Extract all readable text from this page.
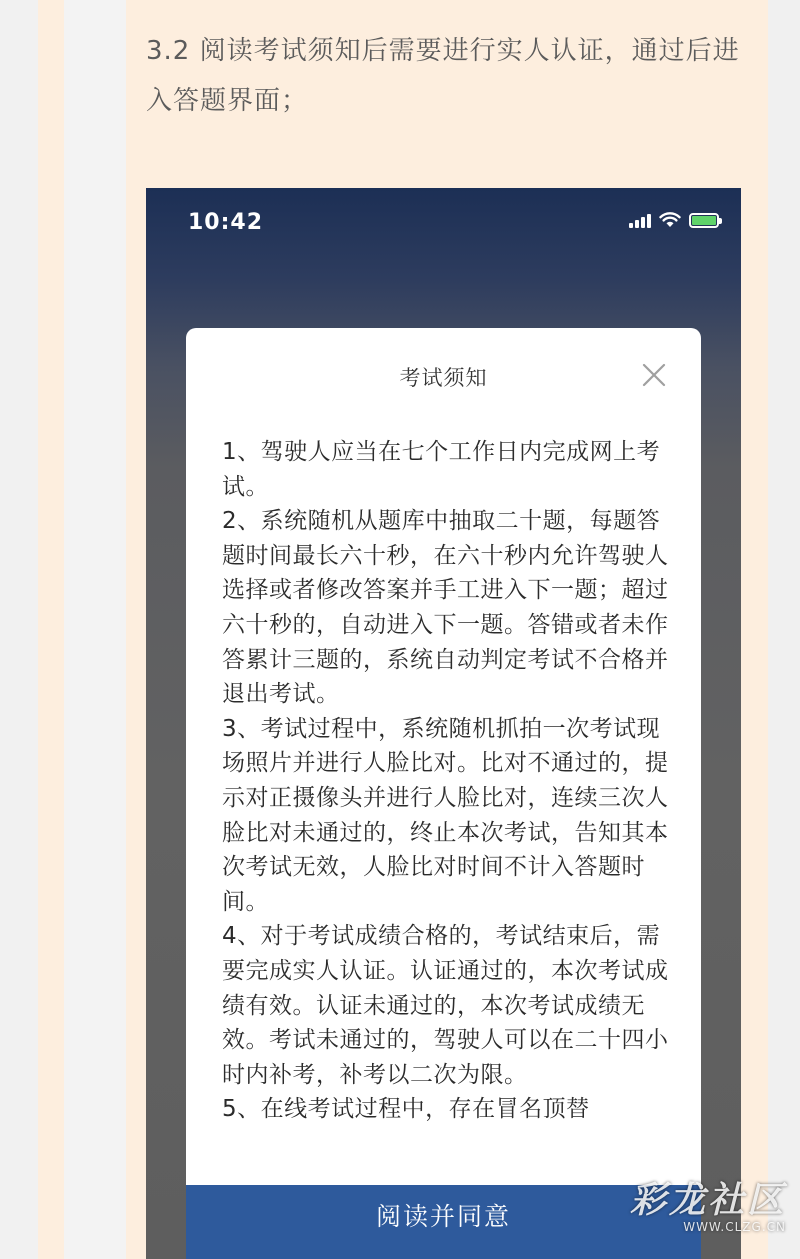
3.2 阅读考试须知后需要进行实人认证，通过后进入答题界面；

10:42
考试须知

1、驾驶人应当在七个工作日内完成网上考试。
2、系统随机从题库中抽取二十题，每题答题时间最长六十秒，在六十秒内允许驾驶人选择或者修改答案并手工进入下一题；超过六十秒的，自动进入下一题。答错或者未作答累计三题的，系统自动判定考试不合格并退出考试。
3、考试过程中，系统随机抓拍一次考试现场照片并进行人脸比对。比对不通过的，提示对正摄像头并进行人脸比对，连续三次人脸比对未通过的，终止本次考试，告知其本次考试无效，人脸比对时间不计入答题时间。
4、对于考试成绩合格的，考试结束后，需要完成实人认证。认证通过的，本次考试成绩有效。认证未通过的，本次考试成绩无效。考试未通过的，驾驶人可以在二十四小时内补考，补考以二次为限。
5、在线考试过程中，存在冒名顶替

阅读并同意	彩龙社区
WWW.CLZG.CN
